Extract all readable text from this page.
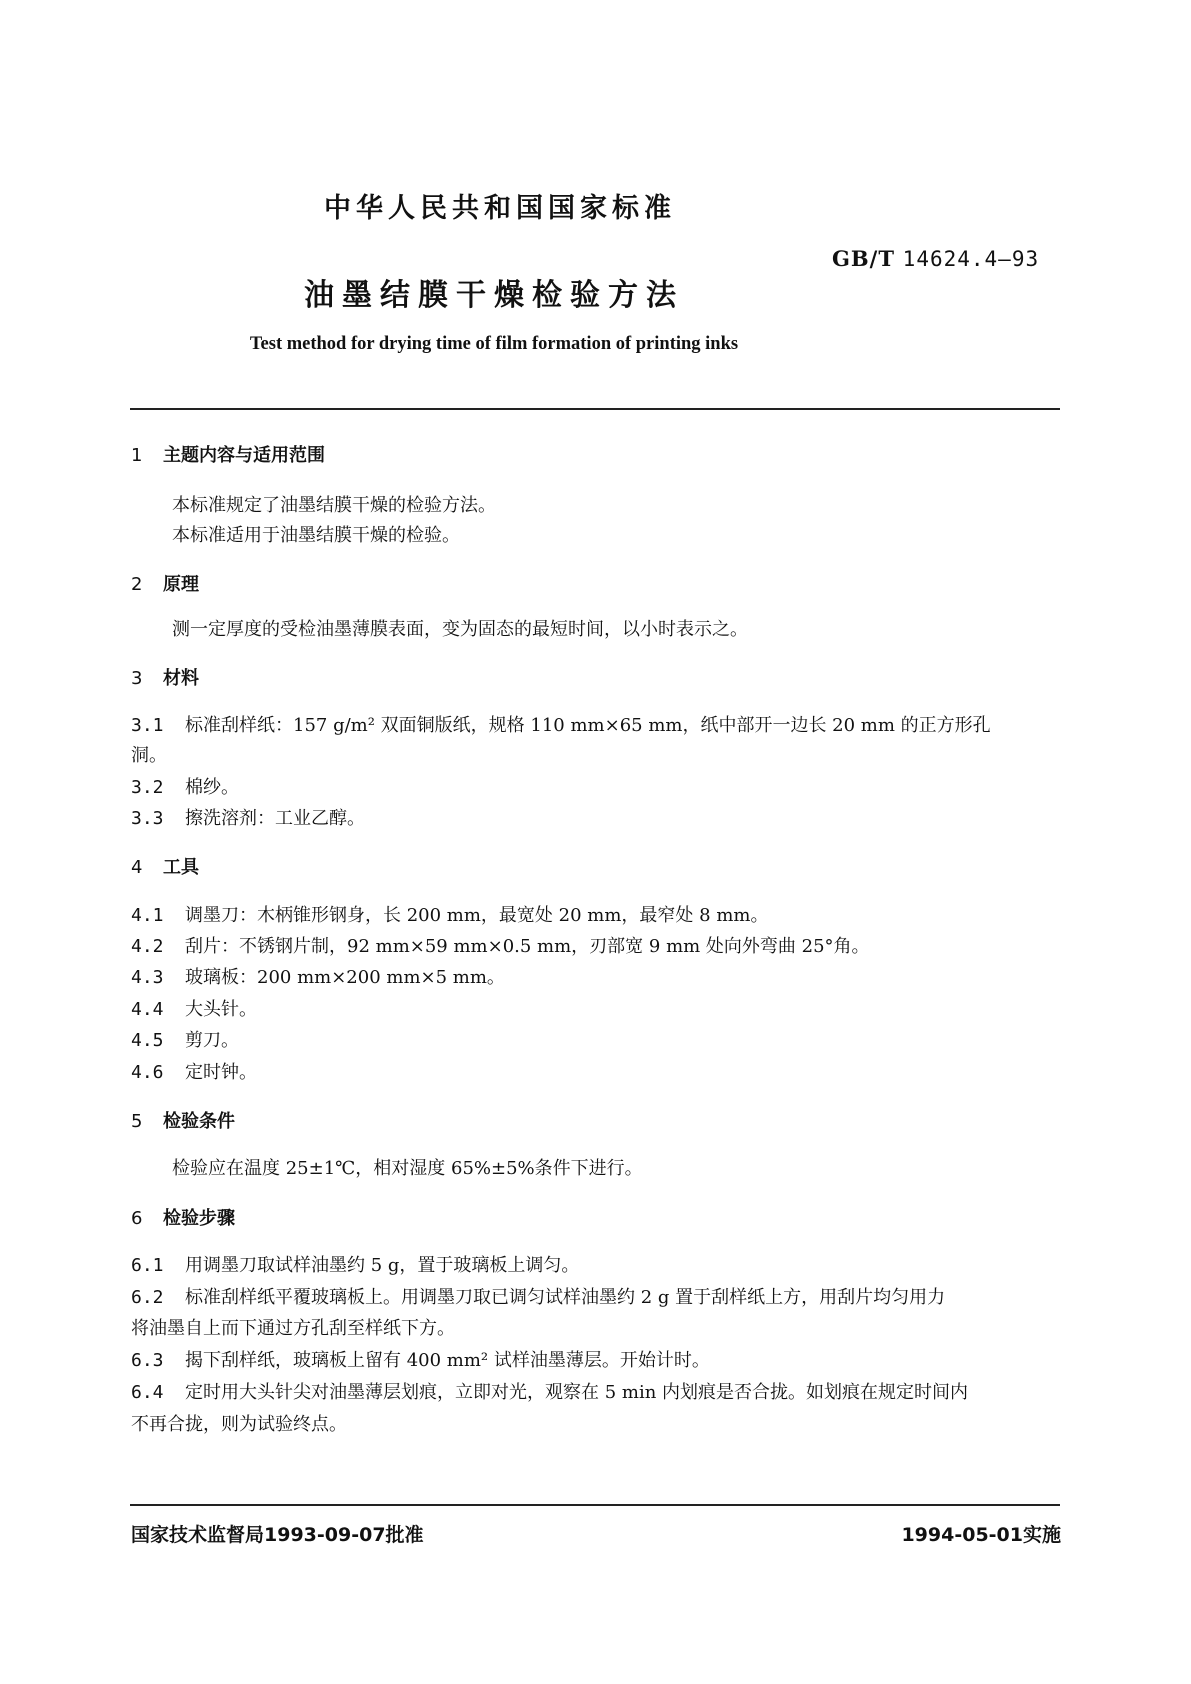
中华人民共和国国家标准
GB/T 14624.4—93
油墨结膜干燥检验方法
Test method for drying time of film formation of printing inks
1 主题内容与适用范围
本标准规定了油墨结膜干燥的检验方法。
本标准适用于油墨结膜干燥的检验。
2 原理
测一定厚度的受检油墨薄膜表面，变为固态的最短时间，以小时表示之。
3 材料
3.1 标准刮样纸：157 g/m² 双面铜版纸，规格 110 mm×65 mm，纸中部开一边长 20 mm 的正方形孔
洞。
3.2 棉纱。
3.3 擦洗溶剂：工业乙醇。
4 工具
4.1 调墨刀：木柄锥形钢身，长 200 mm，最宽处 20 mm，最窄处 8 mm。
4.2 刮片：不锈钢片制，92 mm×59 mm×0.5 mm，刃部宽 9 mm 处向外弯曲 25°角。
4.3 玻璃板：200 mm×200 mm×5 mm。
4.4 大头针。
4.5 剪刀。
4.6 定时钟。
5 检验条件
检验应在温度 25±1℃，相对湿度 65%±5%条件下进行。
6 检验步骤
6.1 用调墨刀取试样油墨约 5 g，置于玻璃板上调匀。
6.2 标准刮样纸平覆玻璃板上。用调墨刀取已调匀试样油墨约 2 g 置于刮样纸上方，用刮片均匀用力
将油墨自上而下通过方孔刮至样纸下方。
6.3 揭下刮样纸，玻璃板上留有 400 mm² 试样油墨薄层。开始计时。
6.4 定时用大头针尖对油墨薄层划痕，立即对光，观察在 5 min 内划痕是否合拢。如划痕在规定时间内
不再合拢，则为试验终点。
国家技术监督局1993-09-07批准	1994-05-01实施
